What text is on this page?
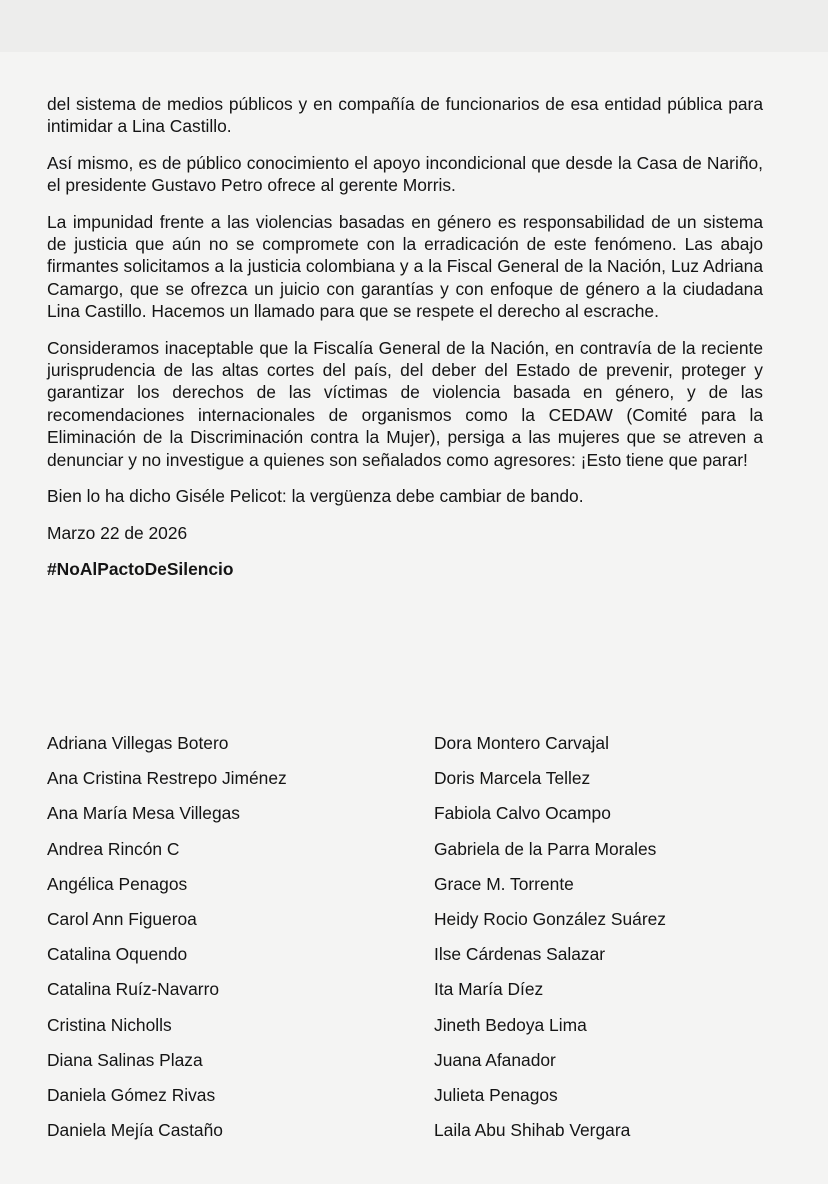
del sistema de medios públicos y en compañía de funcionarios de esa entidad pública para intimidar a Lina Castillo.

Así mismo, es de público conocimiento el apoyo incondicional que desde la Casa de Nariño, el presidente Gustavo Petro ofrece al gerente Morris.

La impunidad frente a las violencias basadas en género es responsabilidad de un sistema de justicia que aún no se compromete con la erradicación de este fenómeno. Las abajo firmantes solicitamos a la justicia colombiana y a la Fiscal General de la Nación, Luz Adriana Camargo, que se ofrezca un juicio con garantías y con enfoque de género a la ciudadana Lina Castillo. Hacemos un llamado para que se respete el derecho al escrache.

Consideramos inaceptable que la Fiscalía General de la Nación, en contravía de la reciente jurisprudencia de las altas cortes del país, del deber del Estado de prevenir, proteger y garantizar los derechos de las víctimas de violencia basada en género, y de las recomendaciones internacionales de organismos como la CEDAW (Comité para la Eliminación de la Discriminación contra la Mujer), persiga a las mujeres que se atreven a denunciar y no investigue a quienes son señalados como agresores: ¡Esto tiene que parar!

Bien lo ha dicho Giséle Pelicot: la vergüenza debe cambiar de bando.

Marzo 22 de 2026

#NoAlPactoDeSilencio

Adriana Villegas Botero
Ana Cristina Restrepo Jiménez
Ana María Mesa Villegas
Andrea Rincón C
Angélica Penagos
Carol Ann Figueroa
Catalina Oquendo
Catalina Ruíz-Navarro
Cristina Nicholls
Diana Salinas Plaza
Daniela Gómez Rivas
Daniela Mejía Castaño
Dora Montero Carvajal
Doris Marcela Tellez
Fabiola Calvo Ocampo
Gabriela de la Parra Morales
Grace M. Torrente
Heidy Rocio González Suárez
Ilse Cárdenas Salazar
Ita María Díez
Jineth Bedoya Lima
Juana Afanador
Julieta Penagos
Laila Abu Shihab Vergara
